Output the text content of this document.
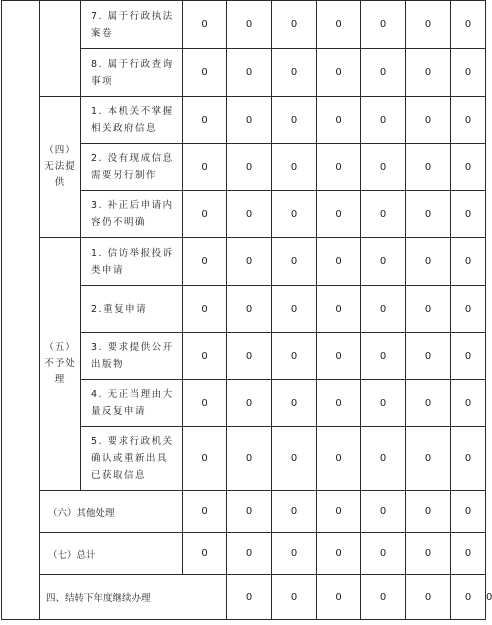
		7. 属于行政执法案卷	0	0	0	0	0	0	0	
		8. 属于行政查询事项	0	0	0	0	0	0	0	
	（四）无法提供	1. 本机关不掌握相关政府信息	0	0	0	0	0	0	0	
		2. 没有现成信息需要另行制作	0	0	0	0	0	0	0	
		3. 补正后申请内容仍不明确	0	0	0	0	0	0	0	
	（五）不予处理	1. 信访举报投诉类申请	0	0	0	0	0	0	0	
		2.重复申请	0	0	0	0	0	0	0	
		3. 要求提供公开出版物	0	0	0	0	0	0	0	
		4. 无正当理由大量反复申请	0	0	0	0	0	0	0	
		5. 要求行政机关确认或重新出具已获取信息	0	0	0	0	0	0	0	
	（六）其他处理		0	0	0	0	0	0	0	
	（七）总计		0	0	0	0	0	0	0	
	四、结转下年度继续办理			0	0	0	0	0	0	0
